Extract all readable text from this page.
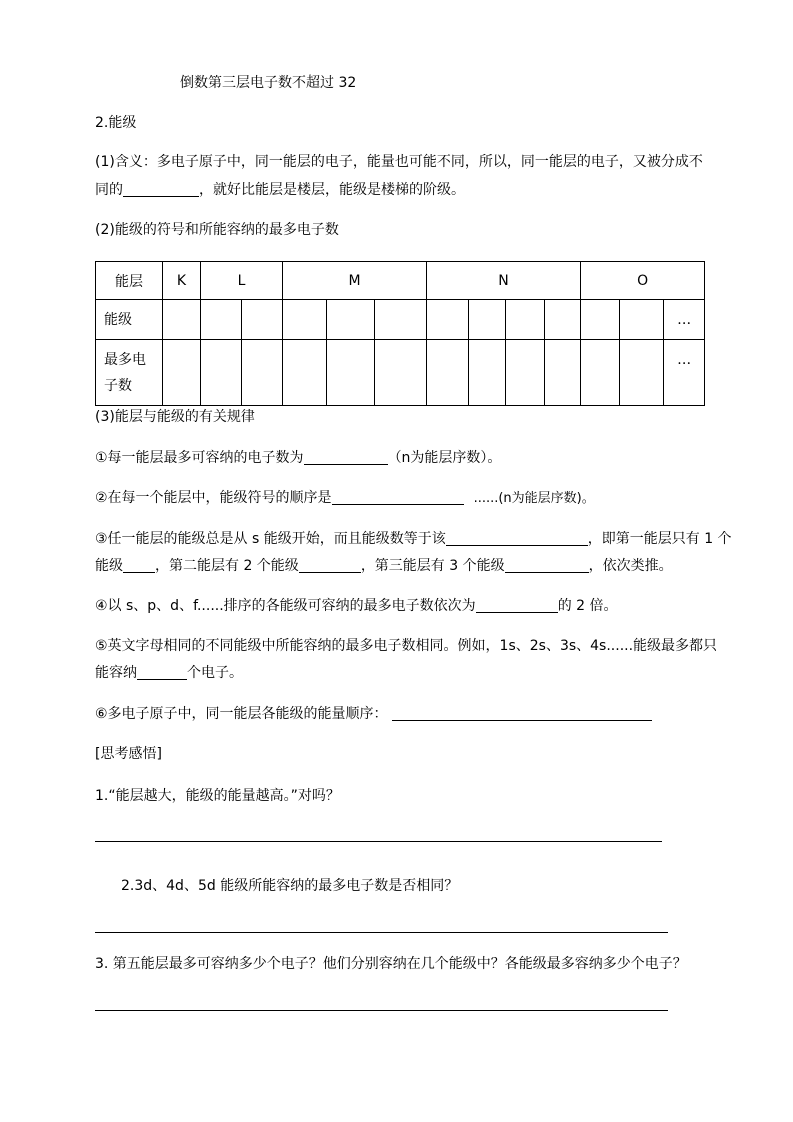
倒数第三层电子数不超过 32
2.能级
(1)含义：多电子原子中，同一能层的电子，能量也可能不同，所以，同一能层的电子，又被分成不
同的	，就好比能层是楼层，能级是楼梯的阶级。
(2)能级的符号和所能容纳的最多电子数
能层	K	L		M			N				O		
能级													…

最多电
子数													…
(3)能层与能级的有关规律
①每一能层最多可容纳的电子数为	（n为能层序数）。
②在每一个能层中，能级符号的顺序是	......(n为能层序数)。
③任一能层的能级总是从 s 能级开始，而且能级数等于该	，即第一能层只有 1 个
能级 ，第二能层有 2 个能级	，第三能层有 3 个能级	，依次类推。
④以 s、p、d、f......排序的各能级可容纳的最多电子数依次为	的 2 倍。
⑤英文字母相同的不同能级中所能容纳的最多电子数相同。例如，1s、2s、3s、4s......能级最多都只
能容纳	个电子。
⑥多电子原子中，同一能层各能级的能量顺序：
[思考感悟]
1.“能层越大，能级的能量越高。”对吗？
2.3d、4d、5d 能级所能容纳的最多电子数是否相同？
3. 第五能层最多可容纳多少个电子？他们分别容纳在几个能级中？各能级最多容纳多少个电子？
